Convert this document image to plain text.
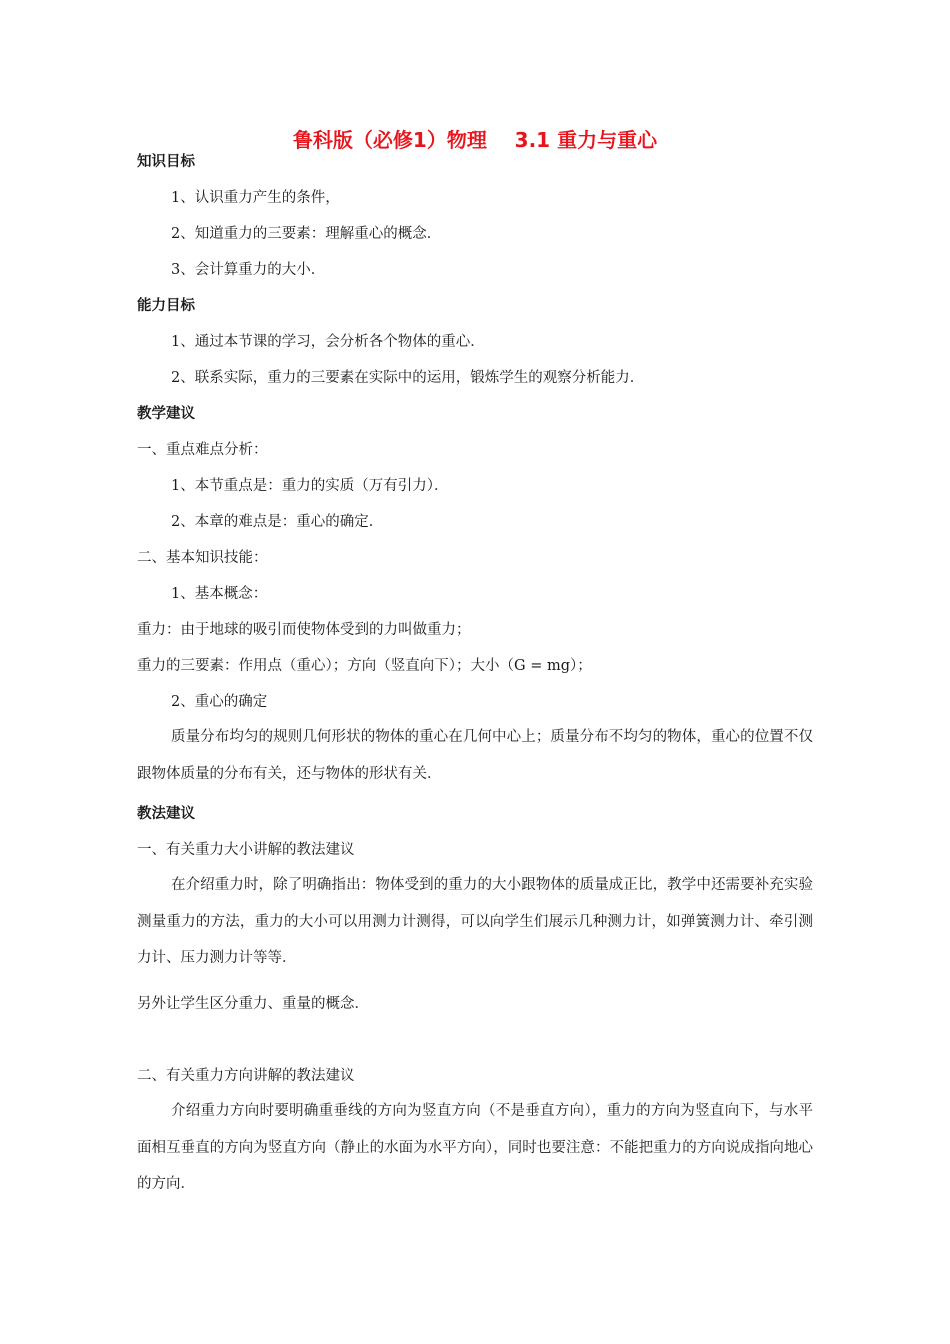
鲁科版（必修1）物理    3.1 重力与重心
知识目标
1、认识重力产生的条件，
2、知道重力的三要素：理解重心的概念．
3、会计算重力的大小．
能力目标
1、通过本节课的学习，会分析各个物体的重心．
2、联系实际，重力的三要素在实际中的运用，锻炼学生的观察分析能力．
教学建议
一、重点难点分析：
1、本节重点是：重力的实质（万有引力）．
2、本章的难点是：重心的确定．
二、基本知识技能：
1、基本概念：
重力：由于地球的吸引而使物体受到的力叫做重力；
重力的三要素：作用点（重心）；方向（竖直向下）；大小（G = mg）；
2、重心的确定
质量分布均匀的规则几何形状的物体的重心在几何中心上；质量分布不均匀的物体，重心的位置不仅跟物体质量的分布有关，还与物体的形状有关．
教法建议
一、有关重力大小讲解的教法建议
在介绍重力时，除了明确指出：物体受到的重力的大小跟物体的质量成正比，教学中还需要补充实验测量重力的方法，重力的大小可以用测力计测得，可以向学生们展示几种测力计，如弹簧测力计、牵引测力计、压力测力计等等．
另外让学生区分重力、重量的概念．
二、有关重力方向讲解的教法建议
介绍重力方向时要明确重垂线的方向为竖直方向（不是垂直方向），重力的方向为竖直向下，与水平面相互垂直的方向为竖直方向（静止的水面为水平方向），同时也要注意：不能把重力的方向说成指向地心的方向．
